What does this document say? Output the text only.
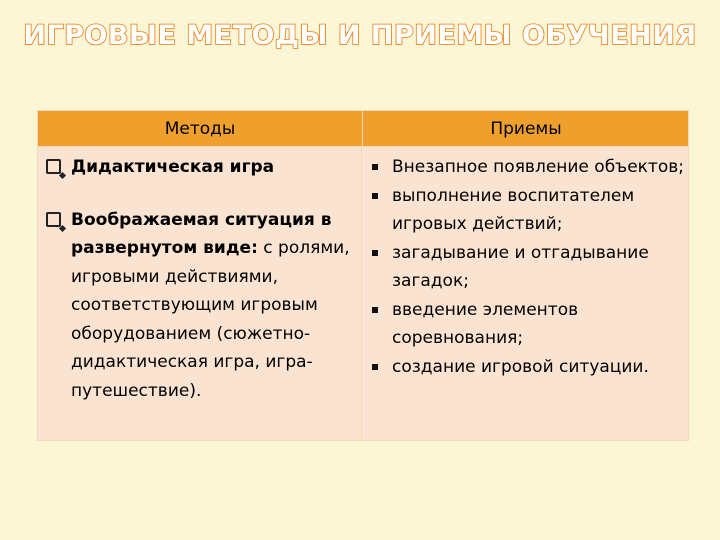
ИГРОВЫЕ МЕТОДЫ И ПРИЕМЫ ОБУЧЕНИЯ
Методы	Приемы
Дидактическая игра
Воображаемая ситуация в развернутом виде: с ролями, игровыми действиями, соответствующим игровым оборудованием (сюжетно-дидактическая игра, игра-путешествие).
Внезапное появление объектов;
выполнение воспитателем игровых действий;
загадывание и отгадывание загадок;
введение элементов соревнования;
создание игровой ситуации.
